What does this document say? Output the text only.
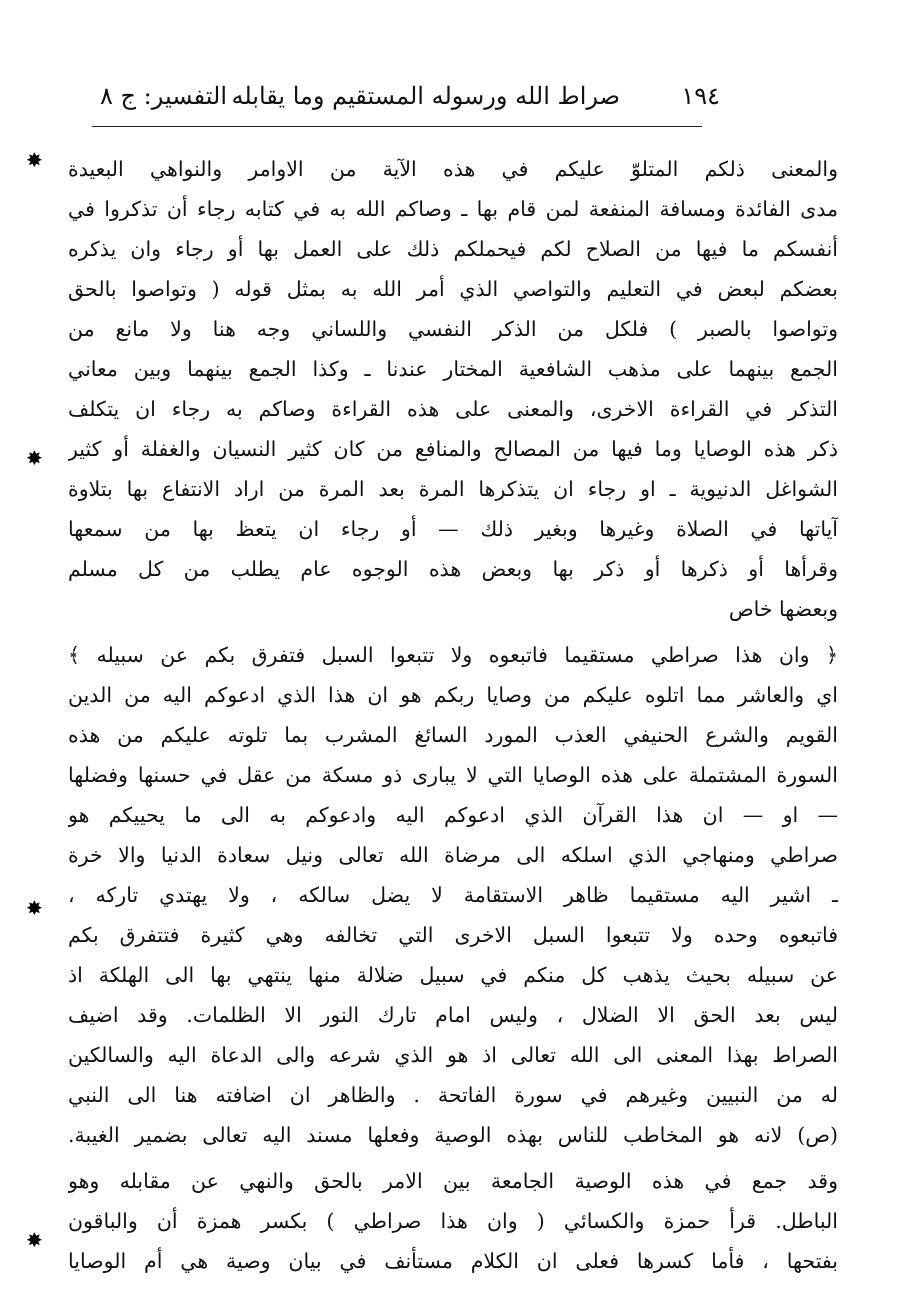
١٩٤
صراط الله ورسوله المستقيم وما يقابله
التفسير: ج ٨
والمعنى ذلكم المتلوّ عليكم في هذه الآية من الاوامر والنواهي البعيدة
مدى الفائدة ومسافة المنفعة لمن قام بها ـ وصاكم الله به في كتابه رجاء أن تذكروا في
أنفسكم ما فيها من الصلاح لكم فيحملكم ذلك على العمل بها أو رجاء وان يذكره
بعضكم لبعض في التعليم والتواصي الذي أمر الله به بمثل قوله ( وتواصوا بالحق
وتواصوا بالصبر ) فلكل من الذكر النفسي واللساني وجه هنا ولا مانع من
الجمع بينهما على مذهب الشافعية المختار عندنا ـ وكذا الجمع بينهما وبين معاني
التذكر في القراءة الاخرى، والمعنى على هذه القراءة وصاكم به رجاء ان يتكلف
ذكر هذه الوصايا وما فيها من المصالح والمنافع من كان كثير النسيان والغفلة أو كثير
الشواغل الدنيوية ـ او رجاء ان يتذكرها المرة بعد المرة من اراد الانتفاع بها بتلاوة
آياتها في الصلاة وغيرها وبغير ذلك — أو رجاء ان يتعظ بها من سمعها
وقرأها أو ذكرها أو ذكر بها وبعض هذه الوجوه عام يطلب من كل مسلم
وبعضها خاص
﴿ وان هذا صراطي مستقيما فاتبعوه ولا تتبعوا السبل فتفرق بكم عن سبيله ﴾
اي والعاشر مما اتلوه عليكم من وصايا ربكم هو ان هذا الذي ادعوكم اليه من الدين
القويم والشرع الحنيفي العذب المورد السائغ المشرب بما تلوته عليكم من هذه
السورة المشتملة على هذه الوصايا التي لا يبارى ذو مسكة من عقل في حسنها وفضلها
— او — ان هذا القرآن الذي ادعوكم اليه وادعوكم به الى ما يحييكم هو
صراطي ومنهاجي الذي اسلكه الى مرضاة الله تعالى ونيل سعادة الدنيا والا خرة
ـ اشير اليه مستقيما ظاهر الاستقامة لا يضل سالكه ، ولا يهتدي تاركه ،
فاتبعوه وحده ولا تتبعوا السبل الاخرى التي تخالفه وهي كثيرة فتتفرق بكم
عن سبيله بحيث يذهب كل منكم في سبيل ضلالة منها ينتهي بها الى الهلكة اذ
ليس بعد الحق الا الضلال ، وليس امام تارك النور الا الظلمات. وقد اضيف
الصراط بهذا المعنى الى الله تعالى اذ هو الذي شرعه والى الدعاة اليه والسالكين
له من النبيين وغيرهم في سورة الفاتحة . والظاهر ان اضافته هنا الى النبي
(ص) لانه هو المخاطب للناس بهذه الوصية وفعلها مسند اليه تعالى بضمير الغيبة.
وقد جمع في هذه الوصية الجامعة بين الامر بالحق والنهي عن مقابله وهو
الباطل. قرأ حمزة والكسائي ( وان هذا صراطي ) بكسر همزة أن والباقون
بفتحها ، فأما كسرها فعلى ان الكلام مستأنف في بيان وصية هي أم الوصايا
✸
✸
✸
✸
